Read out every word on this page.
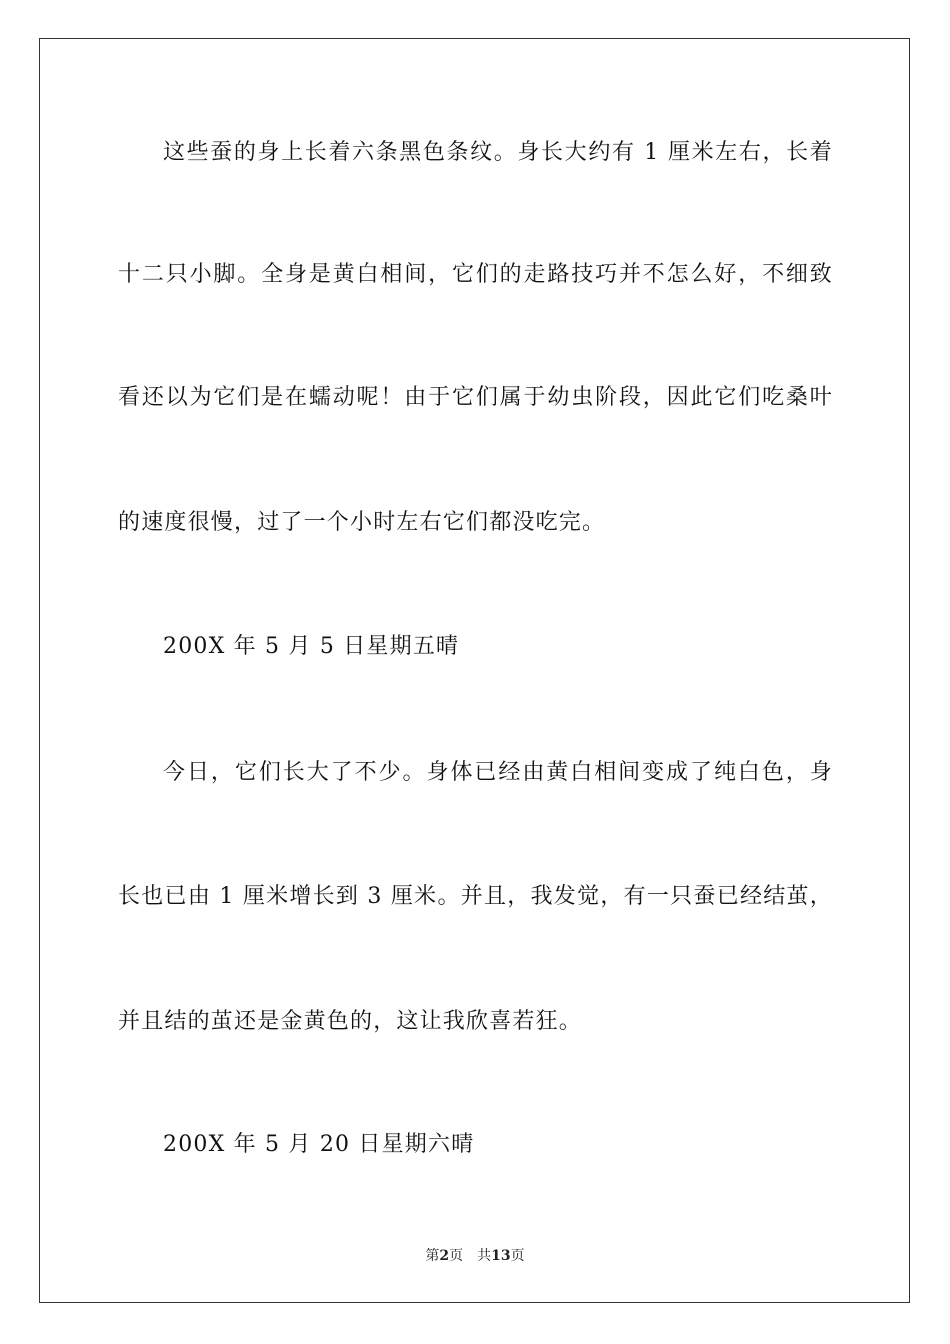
这些蚕的身上长着六条黑色条纹。身长大约有 1 厘米左右，长着
十二只小脚。全身是黄白相间，它们的走路技巧并不怎么好，不细致
看还以为它们是在蠕动呢！由于它们属于幼虫阶段，因此它们吃桑叶
的速度很慢，过了一个小时左右它们都没吃完。
200X 年 5 月 5 日星期五晴
今日，它们长大了不少。身体已经由黄白相间变成了纯白色，身
长也已由 1 厘米增长到 3 厘米。并且，我发觉，有一只蚕已经结茧，
并且结的茧还是金黄色的，这让我欣喜若狂。
200X 年 5 月 20 日星期六晴
第2页 共13页
